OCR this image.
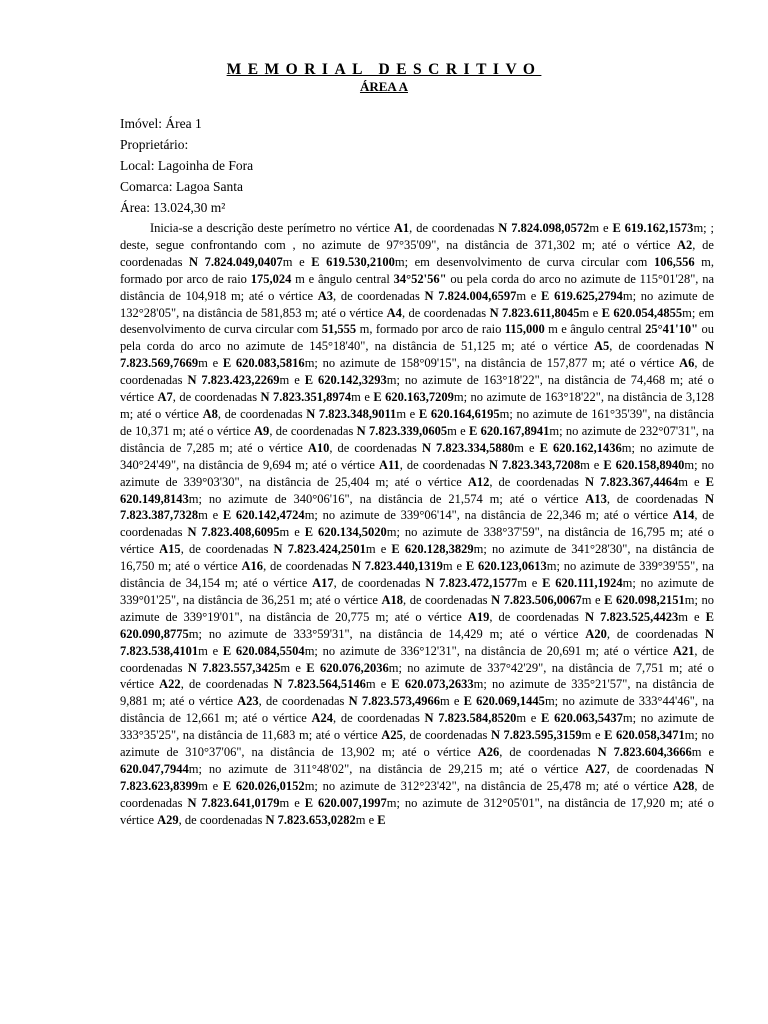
MEMORIAL DESCRITIVO
ÁREA A
Imóvel: Área 1
Proprietário:
Local: Lagoinha de Fora
Comarca: Lagoa Santa
Área: 13.024,30 m²

Inicia-se a descrição deste perímetro no vértice A1, de coordenadas N 7.824.098,0572m e E 619.162,1573m; ; deste, segue confrontando com , no azimute de 97°35'09", na distância de 371,302 m; até o vértice A2, de coordenadas N 7.824.049,0407m e E 619.530,2100m; em desenvolvimento de curva circular com 106,556 m, formado por arco de raio 175,024 m e ângulo central 34°52'56" ou pela corda do arco no azimute de 115°01'28", na distância de 104,918 m; até o vértice A3, de coordenadas N 7.824.004,6597m e E 619.625,2794m; no azimute de 132°28'05", na distância de 581,853 m; até o vértice A4, de coordenadas N 7.823.611,8045m e E 620.054,4855m; em desenvolvimento de curva circular com 51,555 m, formado por arco de raio 115,000 m e ângulo central 25°41'10" ou pela corda do arco no azimute de 145°18'40", na distância de 51,125 m; até o vértice A5, de coordenadas N 7.823.569,7669m e E 620.083,5816m; no azimute de 158°09'15", na distância de 157,877 m; até o vértice A6, de coordenadas N 7.823.423,2269m e E 620.142,3293m; no azimute de 163°18'22", na distância de 74,468 m; até o vértice A7, de coordenadas N 7.823.351,8974m e E 620.163,7209m; no azimute de 163°18'22", na distância de 3,128 m; até o vértice A8, de coordenadas N 7.823.348,9011m e E 620.164,6195m; no azimute de 161°35'39", na distância de 10,371 m; até o vértice A9, de coordenadas N 7.823.339,0605m e E 620.167,8941m; no azimute de 232°07'31", na distância de 7,285 m; até o vértice A10, de coordenadas N 7.823.334,5880m e E 620.162,1436m; no azimute de 340°24'49", na distância de 9,694 m; até o vértice A11, de coordenadas N 7.823.343,7208m e E 620.158,8940m; no azimute de 339°03'30", na distância de 25,404 m; até o vértice A12, de coordenadas N 7.823.367,4464m e E 620.149,8143m; no azimute de 340°06'16", na distância de 21,574 m; até o vértice A13, de coordenadas N 7.823.387,7328m e E 620.142,4724m; no azimute de 339°06'14", na distância de 22,346 m; até o vértice A14, de coordenadas N 7.823.408,6095m e E 620.134,5020m; no azimute de 338°37'59", na distância de 16,795 m; até o vértice A15, de coordenadas N 7.823.424,2501m e E 620.128,3829m; no azimute de 341°28'30", na distância de 16,750 m; até o vértice A16, de coordenadas N 7.823.440,1319m e E 620.123,0613m; no azimute de 339°39'55", na distância de 34,154 m; até o vértice A17, de coordenadas N 7.823.472,1577m e E 620.111,1924m; no azimute de 339°01'25", na distância de 36,251 m; até o vértice A18, de coordenadas N 7.823.506,0067m e E 620.098,2151m; no azimute de 339°19'01", na distância de 20,775 m; até o vértice A19, de coordenadas N 7.823.525,4423m e E 620.090,8775m; no azimute de 333°59'31", na distância de 14,429 m; até o vértice A20, de coordenadas N 7.823.538,4101m e E 620.084,5504m; no azimute de 336°12'31", na distância de 20,691 m; até o vértice A21, de coordenadas N 7.823.557,3425m e E 620.076,2036m; no azimute de 337°42'29", na distância de 7,751 m; até o vértice A22, de coordenadas N 7.823.564,5146m e E 620.073,2633m; no azimute de 335°21'57", na distância de 9,881 m; até o vértice A23, de coordenadas N 7.823.573,4966m e E 620.069,1445m; no azimute de 333°44'46", na distância de 12,661 m; até o vértice A24, de coordenadas N 7.823.584,8520m e E 620.063,5437m; no azimute de 333°35'25", na distância de 11,683 m; até o vértice A25, de coordenadas N 7.823.595,3159m e E 620.058,3471m; no azimute de 310°37'06", na distância de 13,902 m; até o vértice A26, de coordenadas N 7.823.604,3666m e 620.047,7944m; no azimute de 311°48'02", na distância de 29,215 m; até o vértice A27, de coordenadas N 7.823.623,8399m e E 620.026,0152m; no azimute de 312°23'42", na distância de 25,478 m; até o vértice A28, de coordenadas N 7.823.641,0179m e E 620.007,1997m; no azimute de 312°05'01", na distância de 17,920 m; até o vértice A29, de coordenadas N 7.823.653,0282m e E
